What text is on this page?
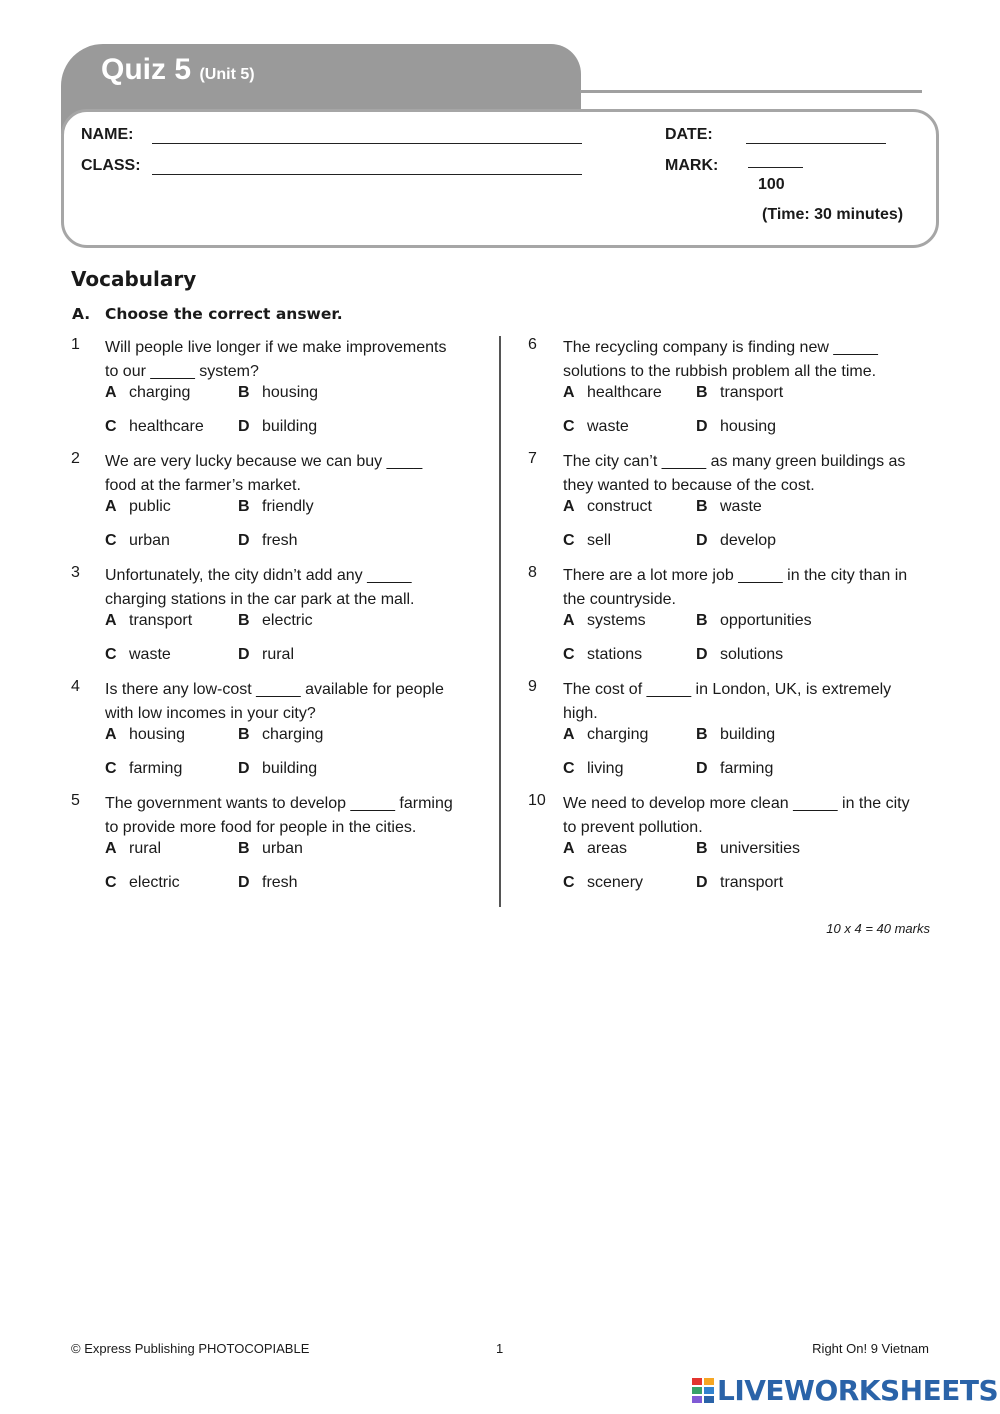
Quiz 5 (Unit 5)
NAME:
CLASS:
DATE:
MARK:
100
(Time: 30 minutes)
Vocabulary
A. Choose the correct answer.
1 Will people live longer if we make improvements
to our _____ system?
A charging	B housing
C healthcare D building
2 We are very lucky because we can buy ____
food at the farmer’s market.
A public	B friendly
C urban	D fresh
3 Unfortunately, the city didn’t add any _____
charging stations in the car park at the mall.
A transport	B electric
C waste	D rural
4 Is there any low-cost _____ available for people
with low incomes in your city?
A housing	B charging
C farming	D building
5 The government wants to develop _____ farming
to provide more food for people in the cities.
A rural	B urban
C electric	D fresh
6 The recycling company is finding new _____
solutions to the rubbish problem all the time.
A healthcare B transport
C waste	D housing
7 The city can’t _____ as many green buildings as
they wanted to because of the cost.
A construct	B waste
C sell	D develop
8 There are a lot more job _____ in the city than in
the countryside.
A systems	B opportunities
C stations	D solutions
9 The cost of _____ in London, UK, is extremely
high.
A charging	B building
C living	D farming
10 We need to develop more clean _____ in the city
to prevent pollution.
A areas	B universities
C scenery	D transport
10 x 4 = 40 marks
© Express Publishing PHOTOCOPIABLE	1	Right On! 9 Vietnam
LIVEWORKSHEETS
